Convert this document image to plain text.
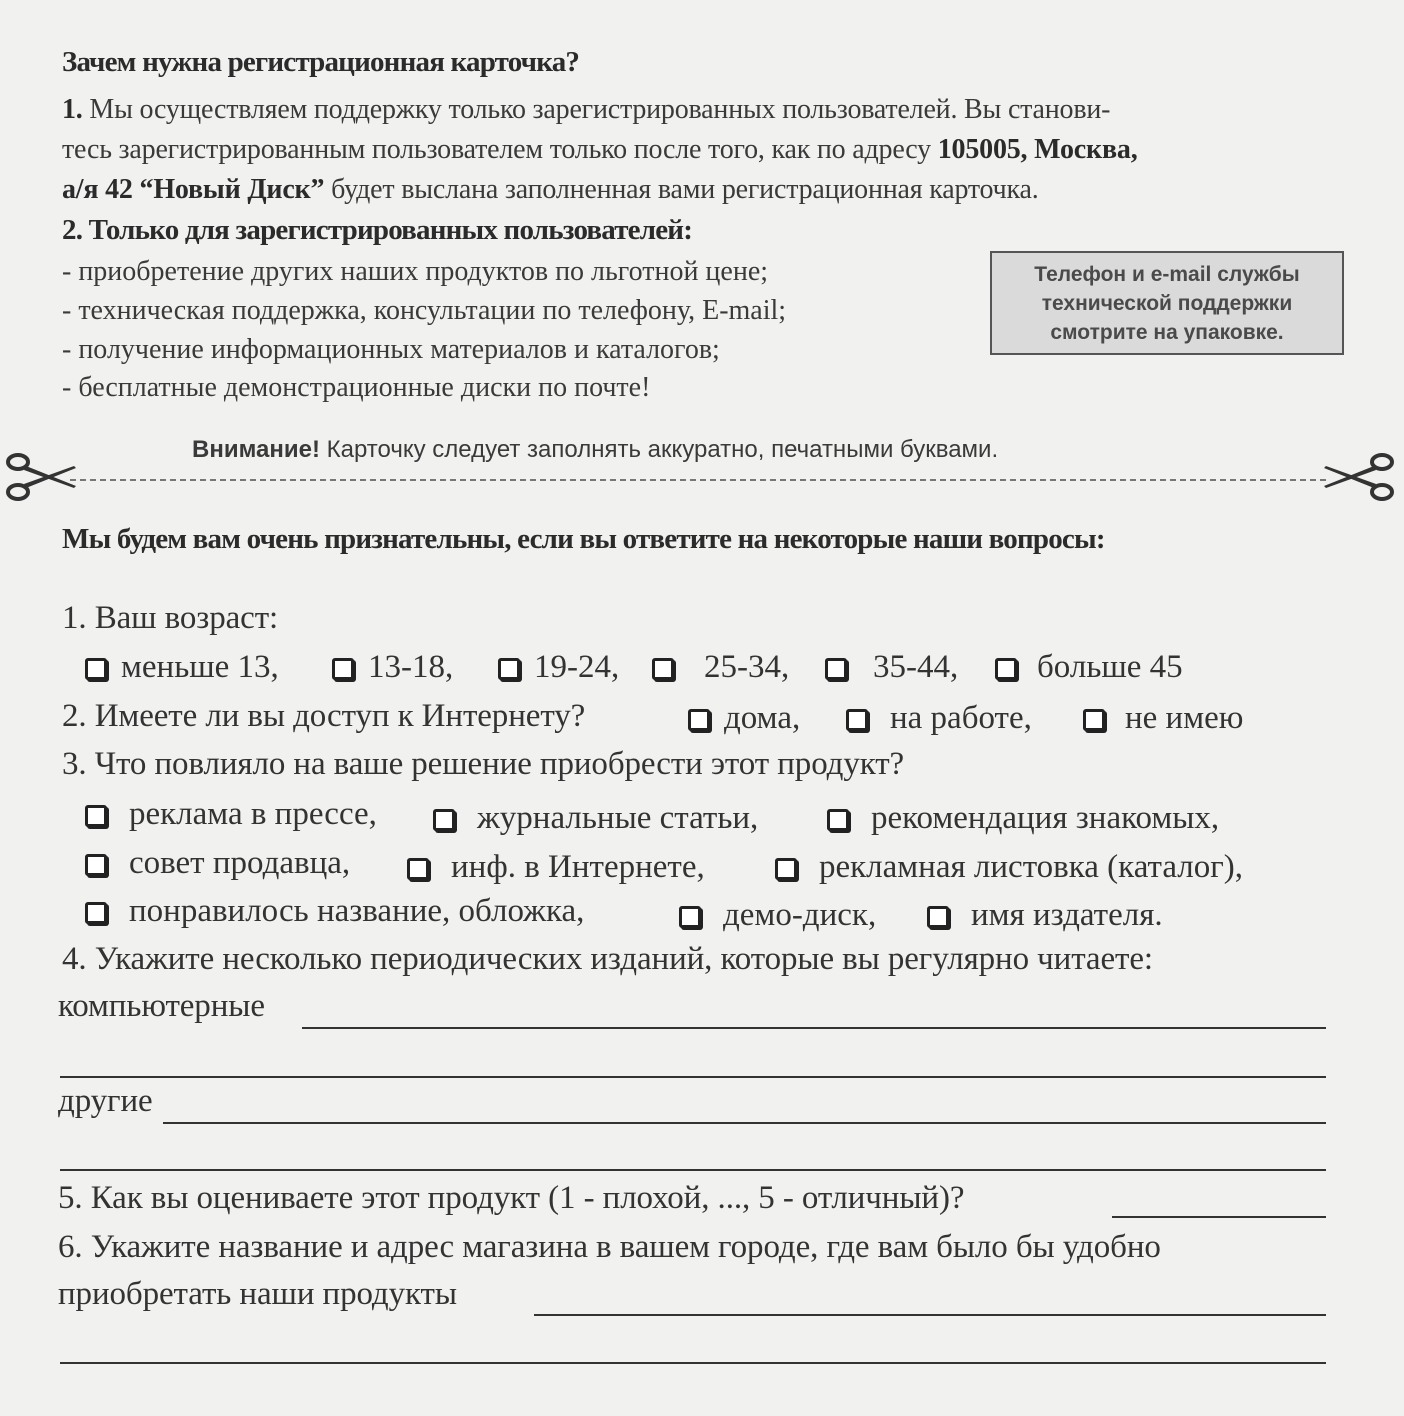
Зачем нужна регистрационная карточка?
1. Мы осуществляем поддержку только зарегистрированных пользователей. Вы станови-
тесь зарегистрированным пользователем только после того, как по адресу 105005, Москва,
а/я 42 “Новый Диск” будет выслана заполненная вами регистрационная карточка.
2. Только для зарегистрированных пользователей:
- приобретение других наших продуктов по льготной цене;
- техническая поддержка, консультации по телефону, E-mail;
- получение информационных материалов и каталогов;
- бесплатные демонстрационные диски по почте!
Телефон и e-mail службы
технической поддержки
смотрите на упаковке.
Внимание! Карточку следует заполнять аккуратно, печатными буквами.
Мы будем вам очень признательны, если вы ответите на некоторые наши вопросы:
1. Ваш возраст:
меньше 13,	13-18,	19-24,	25-34,	35-44,	больше 45
2. Имеете ли вы доступ к Интернету?	дома,	на работе,	не имею
3. Что повлияло на ваше решение приобрести этот продукт?
реклама в прессе,	журнальные статьи,	рекомендация знакомых,
совет продавца,	инф. в Интернете,	рекламная листовка (каталог),
понравилось название, обложка,	демо-диск,	имя издателя.
4. Укажите несколько периодических изданий, которые вы регулярно читаете:
компьютерные
другие
5. Как вы оцениваете этот продукт (1 - плохой, ..., 5 - отличный)?
6. Укажите название и адрес магазина в вашем городе, где вам было бы удобно
приобретать наши продукты
